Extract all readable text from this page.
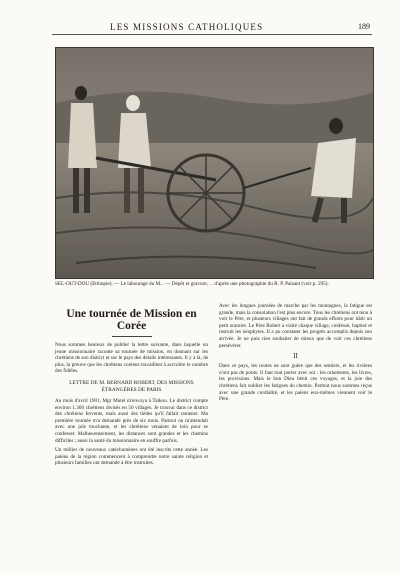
LES MISSIONS CATHOLIQUES	189
SEL-OUT-DOU (Ethiopie). — Le labourage du M... — Dépôt et gravure, ... d'après une photographie du R. P. Paisant (voir p. 295).
Une tournée de Mission en Corée

Nous sommes heureux de publier la lettre suivante, dans laquelle un jeune missionnaire raconte sa tournée de mission, en donnant sur les chrétiens de son district et sur le pays des détails intéressants. Il y a là, de plus, la preuve que les chrétiens coréens travaillent à accroître le nombre des fidèles.

LETTRE DE M. BERNARD ROBERT, DES MISSIONS ÉTRANGÈRES DE PARIS

Au mois d'avril 1901, Mgr Mutel m'envoya à Taikou. Le district compte environ 1.300 chrétiens divisés en 50 villages. Je trouvai dans ce district des chrétiens fervents, mais aussi des tièdes qu'il fallait ramener. Ma première tournée m'a demandé près de six mois. Partout on m'attendait avec une joie touchante, et les chrétiens venaient de loin pour se confesser. Malheureusement, les distances sont grandes et les chemins difficiles ; aussi la santé du missionnaire en souffre parfois.

Un millier de nouveaux catéchumènes ont été inscrits cette année. Les païens de la région commencent à comprendre notre sainte religion et plusieurs familles ont demandé à être instruites.

Avec les longues journées de marche par les montagnes, la fatigue est grande, mais la consolation l'est plus encore. Tous les chrétiens ont tenu à voir le Père, et plusieurs villages ont fait de grands efforts pour bâtir un petit oratoire. Le Père Robert a visité chaque village, confessé, baptisé et instruit les néophytes. Il a pu constater les progrès accomplis depuis son arrivée. Je ne puis rien souhaiter de mieux que de voir ces chrétiens persévérer.

II

Dans ce pays, les routes ne sont guère que des sentiers, et les rivières n'ont pas de ponts. Il faut tout porter avec soi : les ornements, les livres, les provisions. Mais le bon Dieu bénit ces voyages, et la joie des chrétiens fait oublier les fatigues du chemin. Partout nous sommes reçus avec une grande cordialité, et les païens eux-mêmes viennent voir le Père.
